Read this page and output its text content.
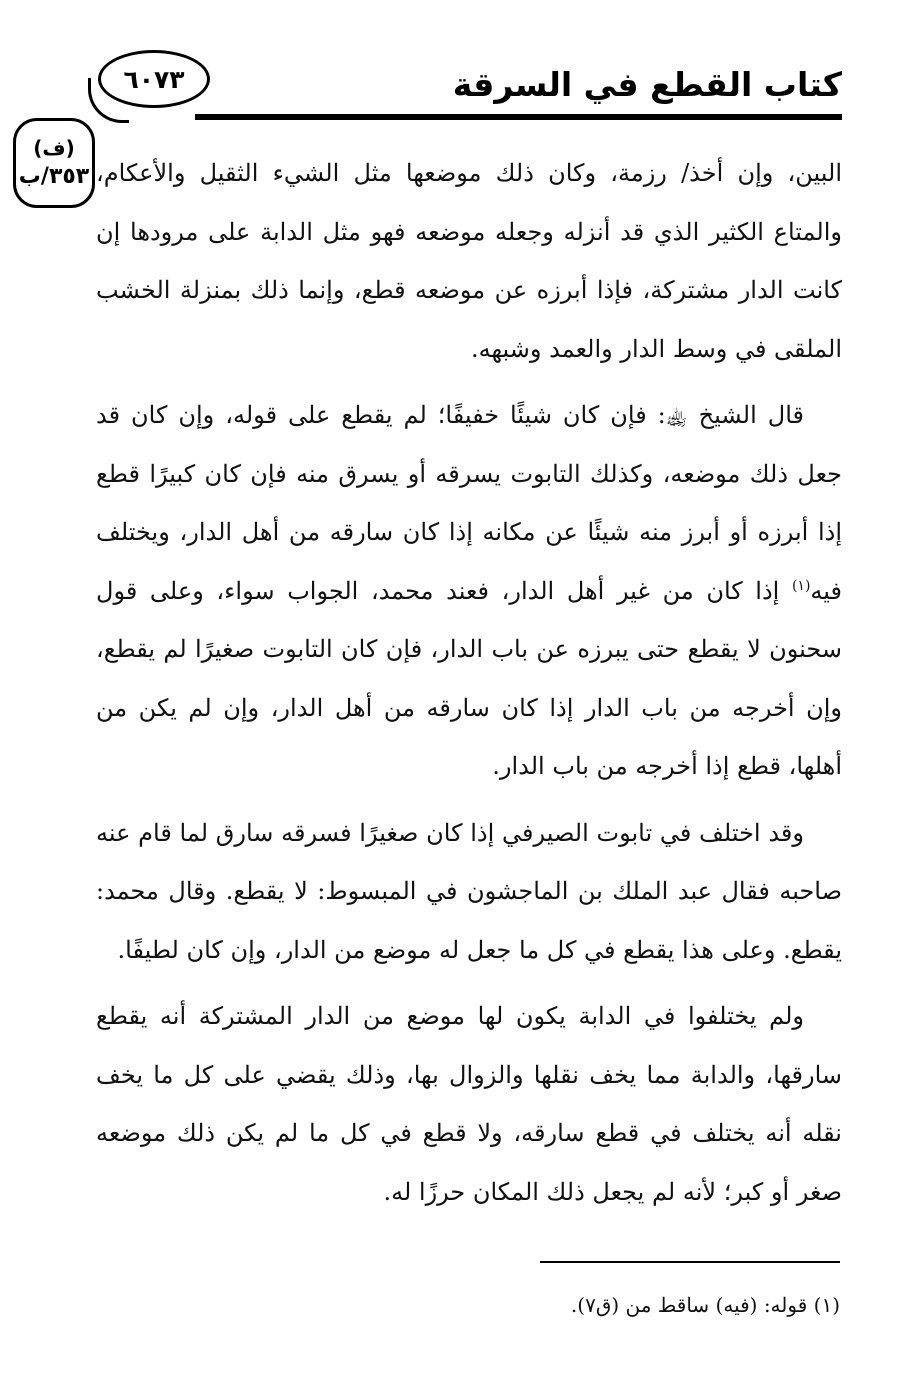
كتاب القطع في السرقة
٦٠٧٣
(ف)
٣٥٣/ب البين، وإن أخذ/ رزمة، وكان ذلك موضعها مثل الشيء الثقيل والأعكام، والمتاع الكثير الذي قد أنزله وجعله موضعه فهو مثل الدابة على مرودها إن كانت الدار مشتركة، فإذا أبرزه عن موضعه قطع، وإنما ذلك بمنزلة الخشب الملقى في وسط الدار والعمد وشبهه.

قال الشيخ ﵀: فإن كان شيئًا خفيفًا؛ لم يقطع على قوله، وإن كان قد جعل ذلك موضعه، وكذلك التابوت يسرقه أو يسرق منه فإن كان كبيرًا قطع إذا أبرزه أو أبرز منه شيئًا عن مكانه إذا كان سارقه من أهل الدار، ويختلف فيه$^{(١)}$ إذا كان من غير أهل الدار، فعند محمد، الجواب سواء، وعلى قول سحنون لا يقطع حتى يبرزه عن باب الدار، فإن كان التابوت صغيرًا لم يقطع، وإن أخرجه من باب الدار إذا كان سارقه من أهل الدار، وإن لم يكن من أهلها، قطع إذا أخرجه من باب الدار.

وقد اختلف في تابوت الصيرفي إذا كان صغيرًا فسرقه سارق لما قام عنه صاحبه فقال عبد الملك بن الماجشون في المبسوط: لا يقطع. وقال محمد: يقطع. وعلى هذا يقطع في كل ما جعل له موضع من الدار، وإن كان لطيفًا.

ولم يختلفوا في الدابة يكون لها موضع من الدار المشتركة أنه يقطع سارقها، والدابة مما يخف نقلها والزوال بها، وذلك يقضي على كل ما يخف نقله أنه يختلف في قطع سارقه، ولا قطع في كل ما لم يكن ذلك موضعه صغر أو كبر؛ لأنه لم يجعل ذلك المكان حرزًا له.

(١) قوله: (فيه) ساقط من (ق٧).
